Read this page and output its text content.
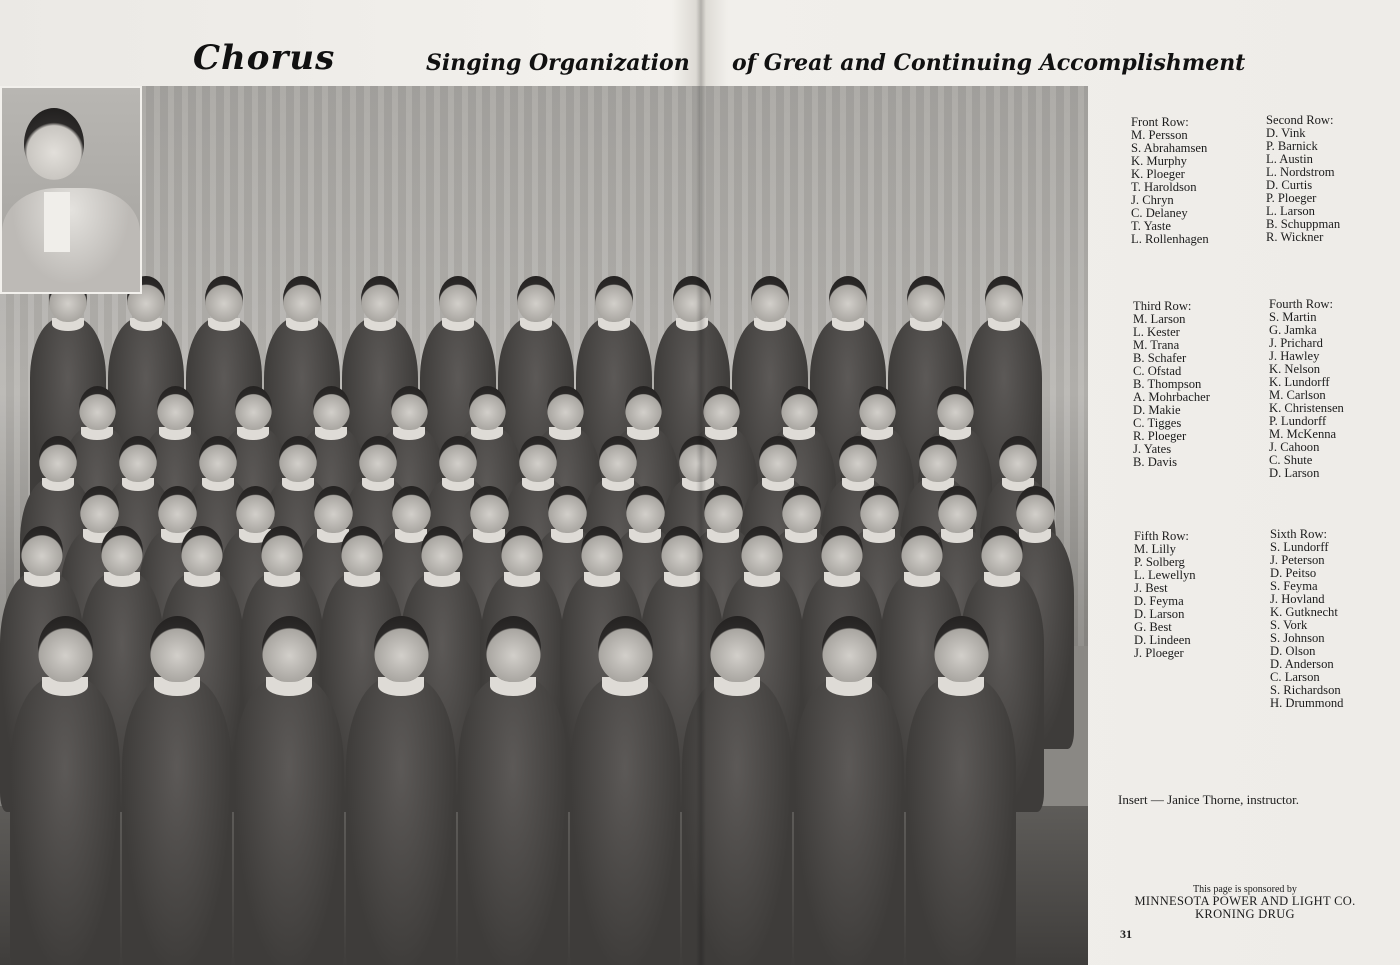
Chorus	Singing Organization of Great and Continuing Accomplishment
Front Row:
M. Persson
S. Abrahamsen
K. Murphy
K. Ploeger
T. Haroldson
J. Chryn
C. Delaney
T. Yaste
L. Rollenhagen
Second Row:
D. Vink
P. Barnick
L. Austin
L. Nordstrom
D. Curtis
P. Ploeger
L. Larson
B. Schuppman
R. Wickner
Third Row:
M. Larson
L. Kester
M. Trana
B. Schafer
C. Ofstad
B. Thompson
A. Mohrbacher
D. Makie
C. Tigges
R. Ploeger
J. Yates
B. Davis
Fourth Row:
S. Martin
G. Jamka
J. Prichard
J. Hawley
K. Nelson
K. Lundorff
M. Carlson
K. Christensen
P. Lundorff
M. McKenna
J. Cahoon
C. Shute
D. Larson
Fifth Row:
M. Lilly
P. Solberg
L. Lewellyn
J. Best
D. Feyma
D. Larson
G. Best
D. Lindeen
J. Ploeger
Sixth Row:
S. Lundorff
J. Peterson
D. Peitso
S. Feyma
J. Hovland
K. Gutknecht
S. Vork
S. Johnson
D. Olson
D. Anderson
C. Larson
S. Richardson
H. Drummond
Insert — Janice Thorne, instructor.
This page is sponsored by
MINNESOTA POWER AND LIGHT CO.
KRONING DRUG
31
